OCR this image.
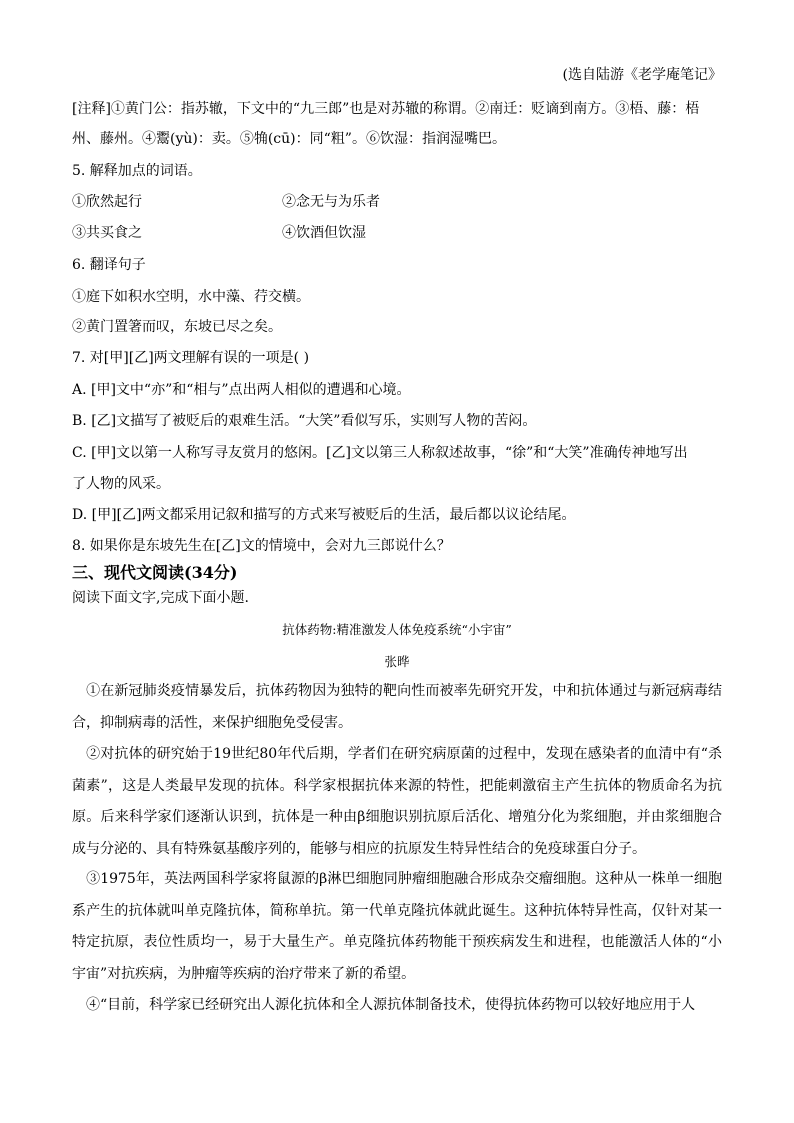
(选自陆游《老学庵笔记》
[注释]①黄门公：指苏辙，下文中的“九三郎”也是对苏辙的称谓。②南迁：贬谪到南方。③梧、藤：梧
州、藤州。④鬻(yù)：卖。⑤觕(cū)：同“粗”。⑥饮湿：指润湿嘴巴。
5. 解释加点的词语。
①欣然起行	②念无与为乐者
③共买食之	④饮酒但饮湿
6. 翻译句子
①庭下如积水空明，水中藻、荇交横。
②黄门置箸而叹，东坡已尽之矣。
7. 对[甲][乙]两文理解有误的一项是( )
A. [甲]文中“亦”和“相与”点出两人相似的遭遇和心境。
B. [乙]文描写了被贬后的艰难生活。“大笑”看似写乐，实则写人物的苦闷。
C. [甲]文以第一人称写寻友赏月的悠闲。[乙]文以第三人称叙述故事，“徐”和“大笑”准确传神地写出
了人物的风采。
D. [甲][乙]两文都采用记叙和描写的方式来写被贬后的生活，最后都以议论结尾。
8. 如果你是东坡先生在[乙]文的情境中，会对九三郎说什么？
三、现代文阅读(34分)
阅读下面文字,完成下面小题.
抗体药物:精准激发人体免疫系统“小宇宙”
张晔
①在新冠肺炎疫情暴发后，抗体药物因为独特的靶向性而被率先研究开发，中和抗体通过与新冠病毒结合，抑制病毒的活性，来保护细胞免受侵害。
②对抗体的研究始于19世纪80年代后期，学者们在研究病原菌的过程中，发现在感染者的血清中有“杀菌素”，这是人类最早发现的抗体。科学家根据抗体来源的特性，把能刺激宿主产生抗体的物质命名为抗原。后来科学家们逐渐认识到，抗体是一种由β细胞识别抗原后活化、增殖分化为浆细胞，并由浆细胞合成与分泌的、具有特殊氨基酸序列的，能够与相应的抗原发生特异性结合的免疫球蛋白分子。
③1975年，英法两国科学家将鼠源的β淋巴细胞同肿瘤细胞融合形成杂交瘤细胞。这种从一株单一细胞系产生的抗体就叫单克隆抗体，简称单抗。第一代单克隆抗体就此诞生。这种抗体特异性高，仅针对某一特定抗原，表位性质均一，易于大量生产。单克隆抗体药物能干预疾病发生和进程，也能激活人体的“小宇宙”对抗疾病，为肿瘤等疾病的治疗带来了新的希望。
④“目前，科学家已经研究出人源化抗体和全人源抗体制备技术，使得抗体药物可以较好地应用于人
